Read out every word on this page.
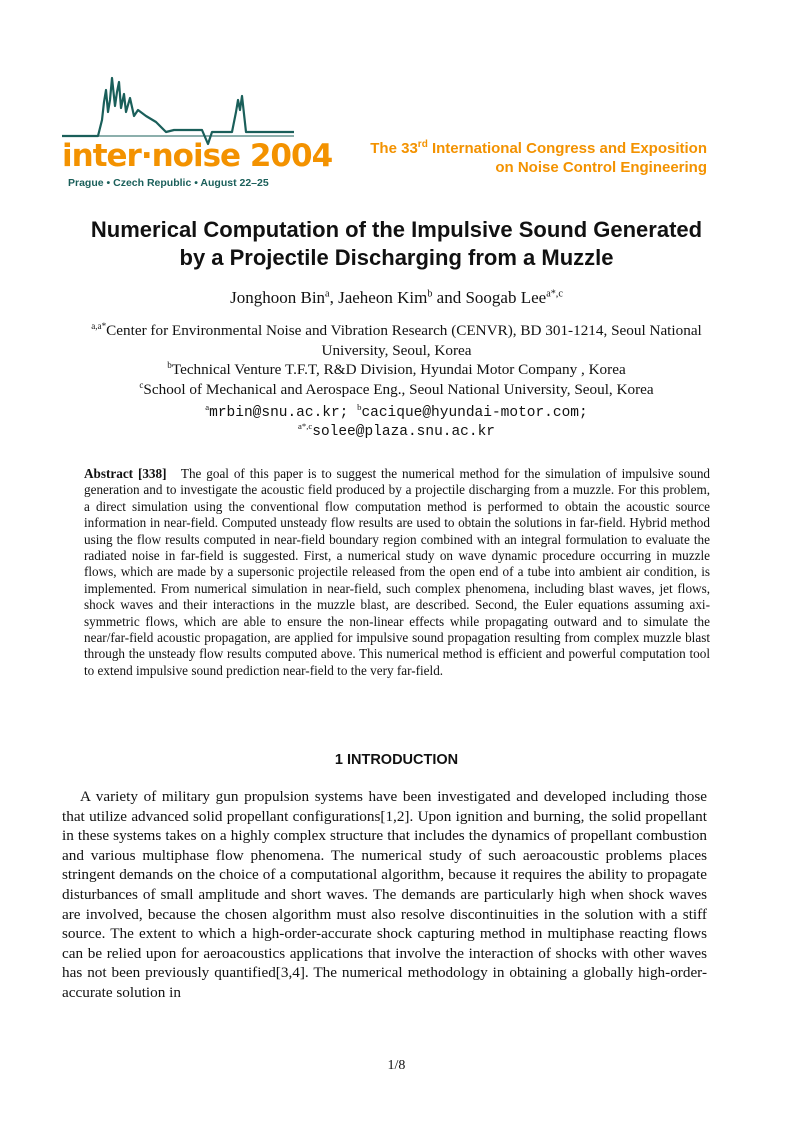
inter·noise 2004
Prague • Czech Republic • August 22–25
The 33rd International Congress and Exposition
on Noise Control Engineering
Numerical Computation of the Impulsive Sound Generated
by a Projectile Discharging from a Muzzle
Jonghoon Bin$^a$, Jaeheon Kim$^b$ and Soogab Lee$^{a*,c}$
$^{a,a*}$Center for Environmental Noise and Vibration Research (CENVR), BD 301-1214, Seoul National University, Seoul, Korea
$^b$Technical Venture T.F.T, R&D Division, Hyundai Motor Company , Korea
$^c$School of Mechanical and Aerospace Eng., Seoul National University, Seoul, Korea
$^a$mrbin@snu.ac.kr; $^b$cacique@hyundai-motor.com;
$^{a*,c}$solee@plaza.snu.ac.kr
Abstract [338] The goal of this paper is to suggest the numerical method for the simulation of impulsive sound generation and to investigate the acoustic field produced by a projectile discharging from a muzzle. For this problem, a direct simulation using the conventional flow computation method is performed to obtain the acoustic source information in near-field. Computed unsteady flow results are used to obtain the solutions in far-field. Hybrid method using the flow results computed in near-field boundary region combined with an integral formulation to evaluate the radiated noise in far-field is suggested. First, a numerical study on wave dynamic procedure occurring in muzzle flows, which are made by a supersonic projectile released from the open end of a tube into ambient air condition, is implemented. From numerical simulation in near-field, such complex phenomena, including blast waves, jet flows, shock waves and their interactions in the muzzle blast, are described. Second, the Euler equations assuming axi-symmetric flows, which are able to ensure the non-linear effects while propagating outward and to simulate the near/far-field acoustic propagation, are applied for impulsive sound propagation resulting from complex muzzle blast through the unsteady flow results computed above. This numerical method is efficient and powerful computation tool to extend impulsive sound prediction near-field to the very far-field.
1 INTRODUCTION
A variety of military gun propulsion systems have been investigated and developed including those that utilize advanced solid propellant configurations[1,2]. Upon ignition and burning, the solid propellant in these systems takes on a highly complex structure that includes the dynamics of propellant combustion and various multiphase flow phenomena. The numerical study of such aeroacoustic problems places stringent demands on the choice of a computational algorithm, because it requires the ability to propagate disturbances of small amplitude and short waves. The demands are particularly high when shock waves are involved, because the chosen algorithm must also resolve discontinuities in the solution with a stiff source. The extent to which a high-order-accurate shock capturing method in multiphase reacting flows can be relied upon for aeroacoustics applications that involve the interaction of shocks with other waves has not been previously quantified[3,4]. The numerical methodology in obtaining a globally high-order-accurate solution in
1/8
